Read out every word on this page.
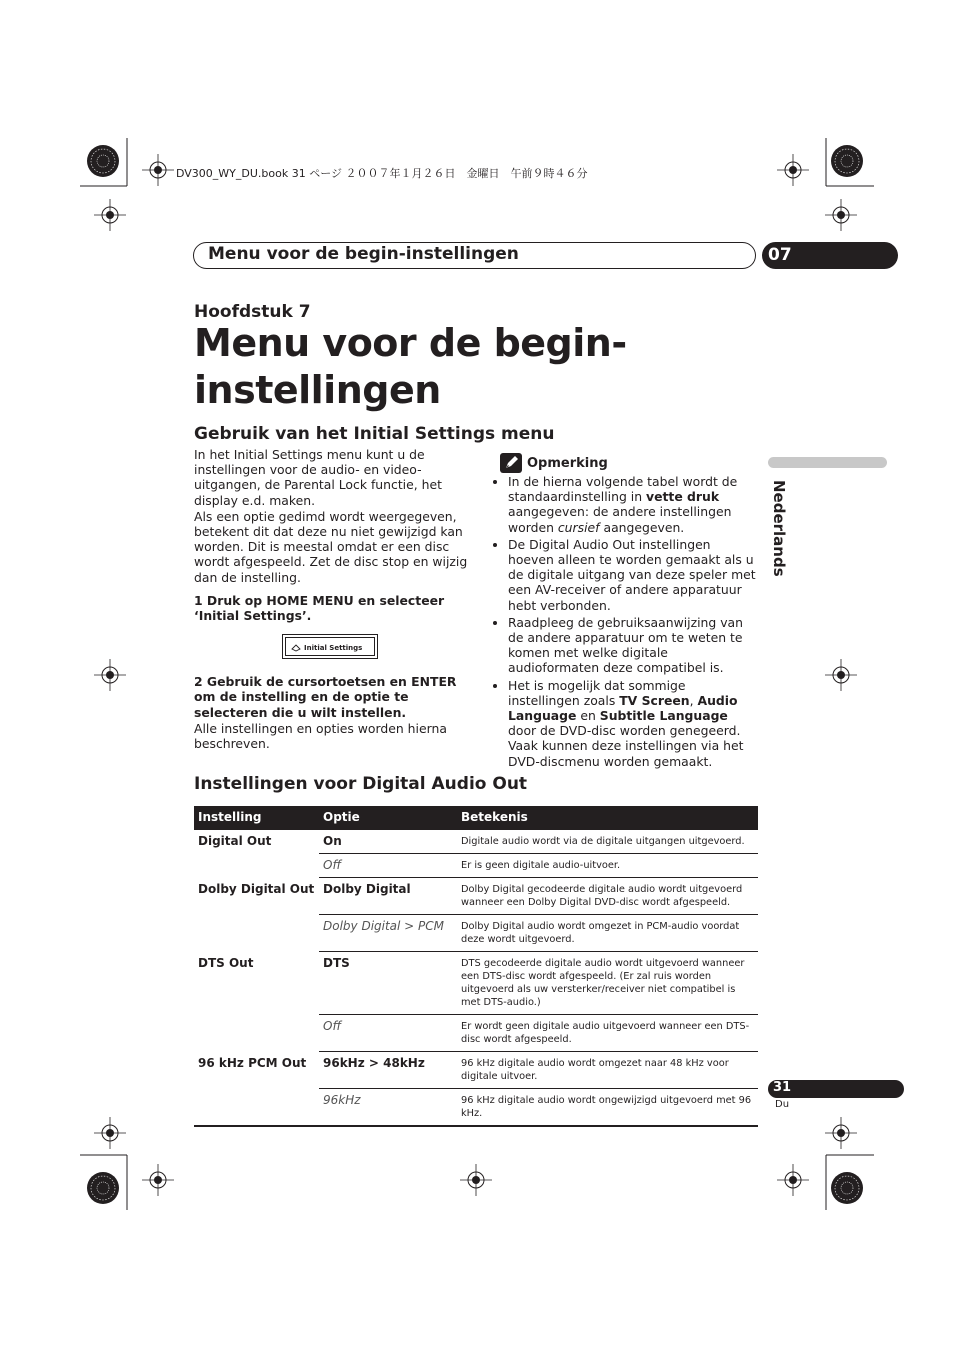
DV300_WY_DU.book 31 ページ ２００７年１月２６日　金曜日　午前９時４６分
Menu voor de begin-instellingen	07
Hoofdstuk 7
Menu voor de begin-
instellingen
Gebruik van het Initial Settings menu

In het Initial Settings menu kunt u de instellingen voor de audio- en video-uitgangen, de Parental Lock functie, het display e.d. maken.

Als een optie gedimd wordt weergegeven, betekent dit dat deze nu niet gewijzigd kan worden. Dit is meestal omdat er een disc wordt afgespeeld. Zet de disc stop en wijzig dan de instelling.

1 Druk op HOME MENU en selecteer ‘Initial Settings’.

2 Gebruik de cursortoetsen en ENTER om de instelling en de optie te selecteren die u wilt instellen.

Alle instellingen en opties worden hierna beschreven.

Initial Settings
Opmerking
• In de hierna volgende tabel wordt de standaardinstelling in vette druk aangegeven: de andere instellingen worden cursief aangegeven.
• De Digital Audio Out instellingen hoeven alleen te worden gemaakt als u de digitale uitgang van deze speler met een AV-receiver of andere apparatuur hebt verbonden.
• Raadpleeg de gebruiksaanwijzing van de andere apparatuur om te weten te komen met welke digitale audioformaten deze compatibel is.
• Het is mogelijk dat sommige instellingen zoals TV Screen, Audio Language en Subtitle Language door de DVD-disc worden genegeerd. Vaak kunnen deze instellingen via het DVD-discmenu worden gemaakt.
Nederlands
Instellingen voor Digital Audio Out
Instelling	Optie	Betekenis
Digital Out	On	Digitale audio wordt via de digitale uitgangen uitgevoerd.
	Off	Er is geen digitale audio-uitvoer.
Dolby Digital Out	Dolby Digital	Dolby Digital gecodeerde digitale audio wordt uitgevoerd wanneer een Dolby Digital DVD-disc wordt afgespeeld.
	Dolby Digital > PCM	Dolby Digital audio wordt omgezet in PCM-audio voordat deze wordt uitgevoerd.
DTS Out	DTS	DTS gecodeerde digitale audio wordt uitgevoerd wanneer een DTS-disc wordt afgespeeld. (Er zal ruis worden uitgevoerd als uw versterker/receiver niet compatibel is met DTS-audio.)
	Off	Er wordt geen digitale audio uitgevoerd wanneer een DTS-disc wordt afgespeeld.
96 kHz PCM Out	96kHz > 48kHz	96 kHz digitale audio wordt omgezet naar 48 kHz voor digitale uitvoer.
	96kHz	96 kHz digitale audio wordt ongewijzigd uitgevoerd met 96 kHz.
31
Du
